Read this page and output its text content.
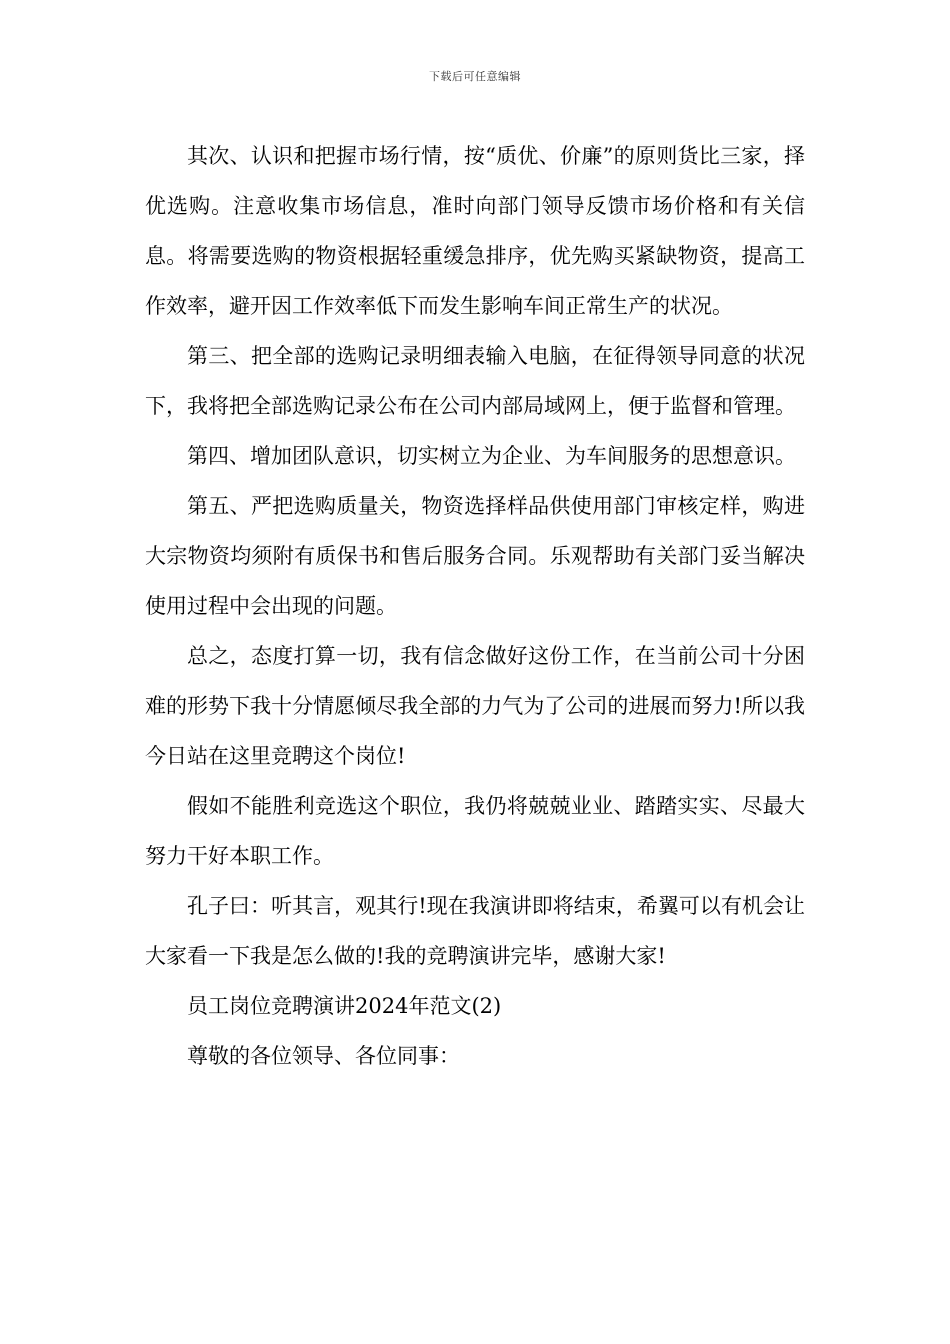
下载后可任意编辑

其次、认识和把握市场行情，按“质优、价廉”的原则货比三家，择优选购。注意收集市场信息，准时向部门领导反馈市场价格和有关信息。将需要选购的物资根据轻重缓急排序，优先购买紧缺物资，提高工作效率，避开因工作效率低下而发生影响车间正常生产的状况。

第三、把全部的选购记录明细表输入电脑，在征得领导同意的状况下，我将把全部选购记录公布在公司内部局域网上，便于监督和管理。

第四、增加团队意识，切实树立为企业、为车间服务的思想意识。

第五、严把选购质量关，物资选择样品供使用部门审核定样，购进大宗物资均须附有质保书和售后服务合同。乐观帮助有关部门妥当解决使用过程中会出现的问题。

总之，态度打算一切，我有信念做好这份工作，在当前公司十分困难的形势下我十分情愿倾尽我全部的力气为了公司的进展而努力!所以我今日站在这里竞聘这个岗位!

假如不能胜利竞选这个职位，我仍将兢兢业业、踏踏实实、尽最大努力干好本职工作。

孔子曰：听其言，观其行!现在我演讲即将结束，希翼可以有机会让大家看一下我是怎么做的!我的竞聘演讲完毕，感谢大家!

员工岗位竞聘演讲2024年范文(2)

尊敬的各位领导、各位同事：
